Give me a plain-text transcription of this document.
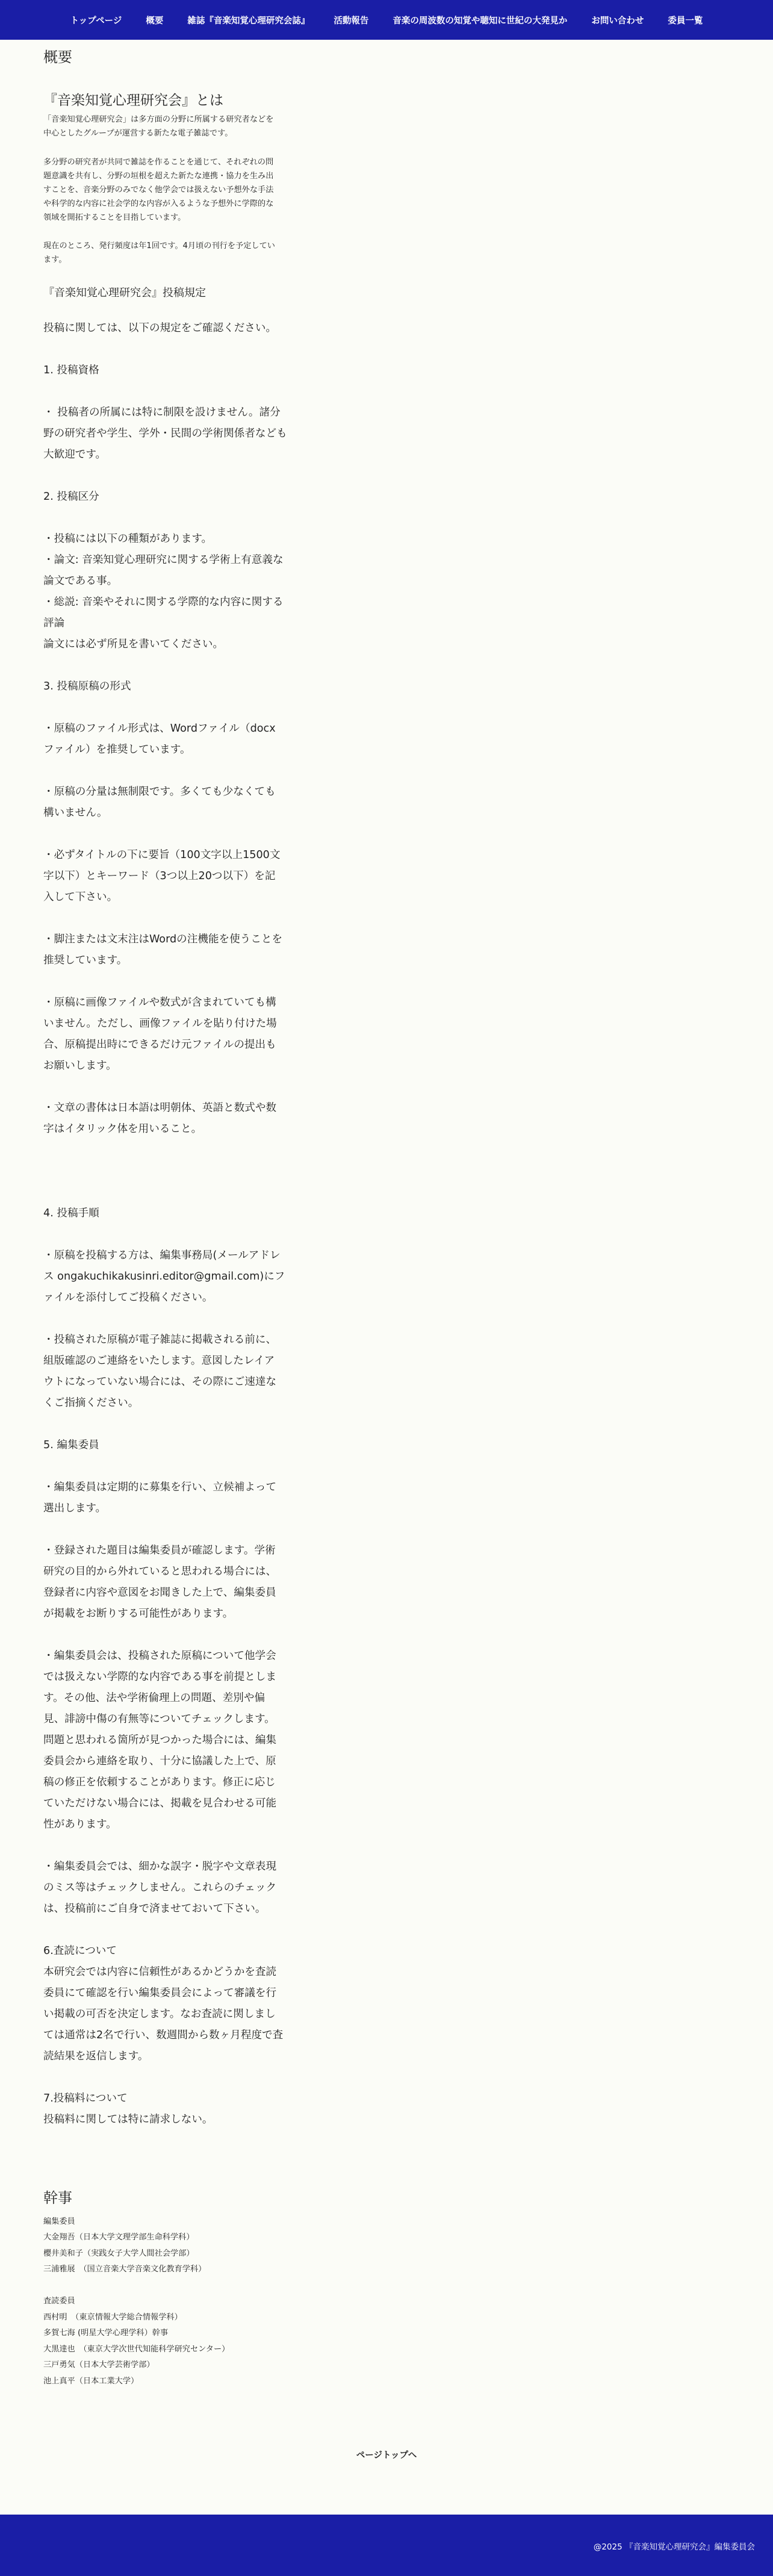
トップページ	概要	雑誌『音楽知覚心理研究会誌』	活動報告	音楽の周波数の知覚や聴知に世紀の大発見か	お問い合わせ	委員一覧
概要
『音楽知覚心理研究会』とは

「音楽知覚心理研究会」は多方面の分野に所属する研究者などを
中心としたグループが運営する新たな電子雑誌です。

多分野の研究者が共同で雑誌を作ることを通じて、それぞれの問
題意識を共有し、分野の垣根を超えた新たな連携・協力を生み出
すことを、音楽分野のみでなく他学会では扱えない予想外な手法
や科学的な内容に社会学的な内容が入るような予想外に学際的な
領域を開拓することを目指しています。

現在のところ、発行頻度は年1回です。4月頃の刊行を予定してい
ます。

『音楽知覚心理研究会』投稿規定
投稿に関しては、以下の規定をご確認ください。
1. 投稿資格
・ 投稿者の所属には特に制限を設けません。諸分
野の研究者や学生、学外・民間の学術関係者なども
大歓迎です。
2. 投稿区分
・投稿には以下の種類があります。
・論文: 音楽知覚心理研究に関する学術上有意義な
論文である事。
・総説: 音楽やそれに関する学際的な内容に関する
評論
論文には必ず所見を書いてください。
3. 投稿原稿の形式
・原稿のファイル形式は、Wordファイル（docx
ファイル）を推奨しています。
・原稿の分量は無制限です。多くても少なくても
構いません。
・必ずタイトルの下に要旨（100文字以上1500文
字以下）とキーワード（3つ以上20つ以下）を記
入して下さい。
・脚注または文末注はWordの注機能を使うことを
推奨しています。
・原稿に画像ファイルや数式が含まれていても構
いません。ただし、画像ファイルを貼り付けた場
合、原稿提出時にできるだけ元ファイルの提出も
お願いします。
・文章の書体は日本語は明朝体、英語と数式や数
字はイタリック体を用いること。
4. 投稿手順
・原稿を投稿する方は、編集事務局(メールアドレ
ス ongakuchikakusinri.editor@gmail.com)にフ
ァイルを添付してご投稿ください。
・投稿された原稿が電子雑誌に掲載される前に、
組版確認のご連絡をいたします。意図したレイア
ウトになっていない場合には、その際にご速達な
くご指摘ください。
5. 編集委員
・編集委員は定期的に募集を行い、立候補よって
選出します。
・登録された題目は編集委員が確認します。学術
研究の目的から外れていると思われる場合には、
登録者に内容や意図をお聞きした上で、編集委員
が掲載をお断りする可能性があります。
・編集委員会は、投稿された原稿について他学会
では扱えない学際的な内容である事を前提としま
す。その他、法や学術倫理上の問題、差別や偏
見、誹謗中傷の有無等についてチェックします。
問題と思われる箇所が見つかった場合には、編集
委員会から連絡を取り、十分に協議した上で、原
稿の修正を依頼することがあります。修正に応じ
ていただけない場合には、掲載を見合わせる可能
性があります。
・編集委員会では、細かな誤字・脱字や文章表現
のミス等はチェックしません。これらのチェック
は、投稿前にご自身で済ませておいて下さい。
6.査読について
本研究会では内容に信頼性があるかどうかを査読
委員にて確認を行い編集委員会によって審議を行
い掲載の可否を決定します。なお査読に関しまし
ては通常は2名で行い、数週間から数ヶ月程度で査
読結果を返信します。
7.投稿料について
投稿料に関しては特に請求しない。
幹事
編集委員
大金翔吾（日本大学文理学部生命科学科）
櫻井美和子（実践女子大学人間社会学部）
三浦雅展　（国立音楽大学音楽文化教育学科）
査読委員
西村明　（東京情報大学総合情報学科）
多賀七海 (明星大学心理学科）幹事
大黒達也　（東京大学次世代知能科学研究センター）
三戸勇気（日本大学芸術学部）
池上真平（日本工業大学）
ページトップへ
@2025 『音楽知覚心理研究会』編集委員会
